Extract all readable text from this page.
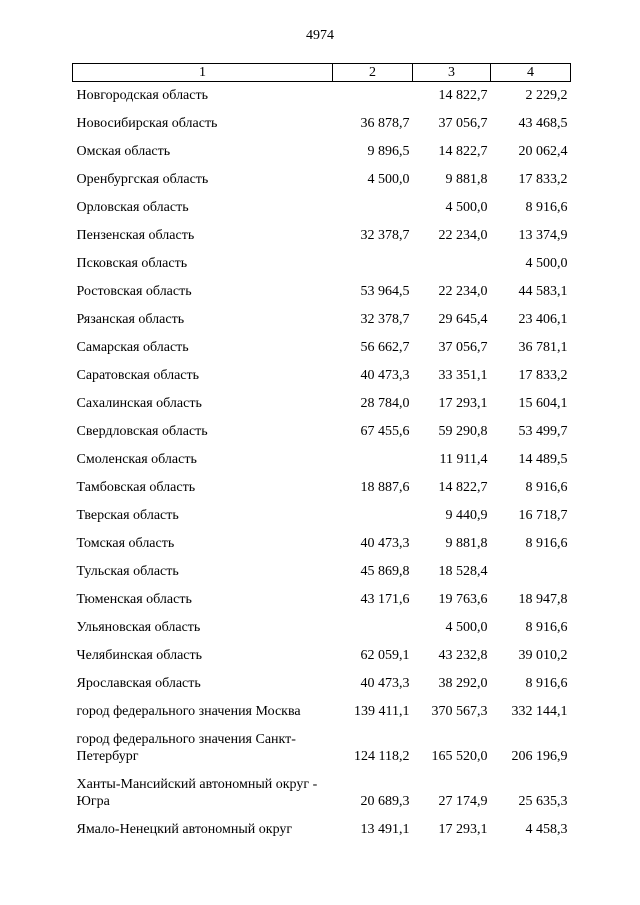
4974
1	2	3	4
Новгородская область		14 822,7	2 229,2
Новосибирская область	36 878,7	37 056,7	43 468,5
Омская область	9 896,5	14 822,7	20 062,4
Оренбургская область	4 500,0	9 881,8	17 833,2
Орловская область		4 500,0	8 916,6
Пензенская область	32 378,7	22 234,0	13 374,9
Псковская область			4 500,0
Ростовская область	53 964,5	22 234,0	44 583,1
Рязанская область	32 378,7	29 645,4	23 406,1
Самарская область	56 662,7	37 056,7	36 781,1
Саратовская область	40 473,3	33 351,1	17 833,2
Сахалинская область	28 784,0	17 293,1	15 604,1
Свердловская область	67 455,6	59 290,8	53 499,7
Смоленская область		11 911,4	14 489,5
Тамбовская область	18 887,6	14 822,7	8 916,6
Тверская область		9 440,9	16 718,7
Томская область	40 473,3	9 881,8	8 916,6
Тульская область	45 869,8	18 528,4	
Тюменская область	43 171,6	19 763,6	18 947,8
Ульяновская область		4 500,0	8 916,6
Челябинская область	62 059,1	43 232,8	39 010,2
Ярославская область	40 473,3	38 292,0	8 916,6
город федерального значения Москва	139 411,1	370 567,3	332 144,1
город федерального значения Санкт-Петербург	124 118,2	165 520,0	206 196,9
Ханты-Мансийский автономный округ - Югра	20 689,3	27 174,9	25 635,3
Ямало-Ненецкий автономный округ	13 491,1	17 293,1	4 458,3
